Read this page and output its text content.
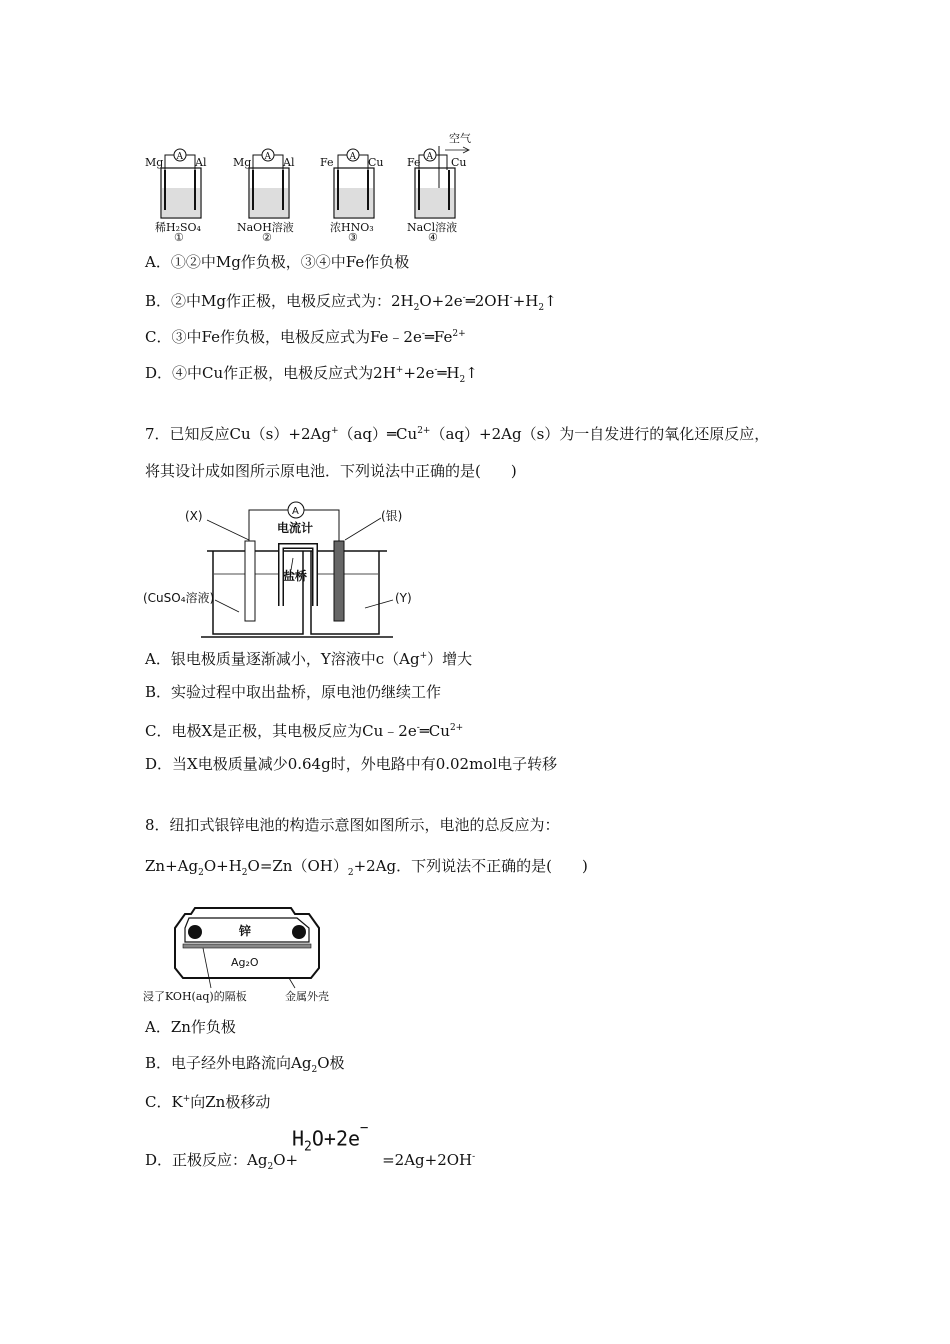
Mg	Al
A
稀H₂SO₄
①
Mg	Al
A
NaOH溶液
②
Fe	Cu
A
浓HNO₃
③
Fe	Cu
空气
A
NaCl溶液
④
A．①②中Mg作负极，③④中Fe作负极
B．②中Mg作正极，电极反应式为：$2H_2O+2e^-═2OH^-+H_2↑$
C．③中Fe作负极，电极反应式为$Fe﹣2e^-═Fe^{2+}$
D．④中Cu作正极，电极反应式为$2H^++2e^-═H_2↑$
7．已知反应$Cu(s)+2Ag^+(aq)═Cu^{2+}(aq)+2Ag(s)$为一自发进行的氧化还原反应，
将其设计成如图所示原电池．下列说法中正确的是(　　)
(X)	(银)
A
电流计
盐桥
(CuSO₄溶液)	(Y)
A．银电极质量逐渐减小，Y溶液中c（Ag+）增大
B．实验过程中取出盐桥，原电池仍继续工作
C．电极X是正极，其电极反应为$Cu﹣2e^-═Cu^{2+}$
D．当X电极质量减少0.64g时，外电路中有0.02mol电子转移
8．纽扣式银锌电池的构造示意图如图所示，电池的总反应为：
$Zn+Ag_2O+H_2O=Zn(OH)_2+2Ag$．下列说法不正确的是(　　)
锌
Ag₂O
浸了KOH(aq)的隔板	金属外壳
A．Zn作负极
B．电子经外电路流向$Ag_2O$极
C．K+向Zn极移动
D．正极反应：$Ag_2O+$	=2Ag+2OH-
$H_2O+2e^-$
